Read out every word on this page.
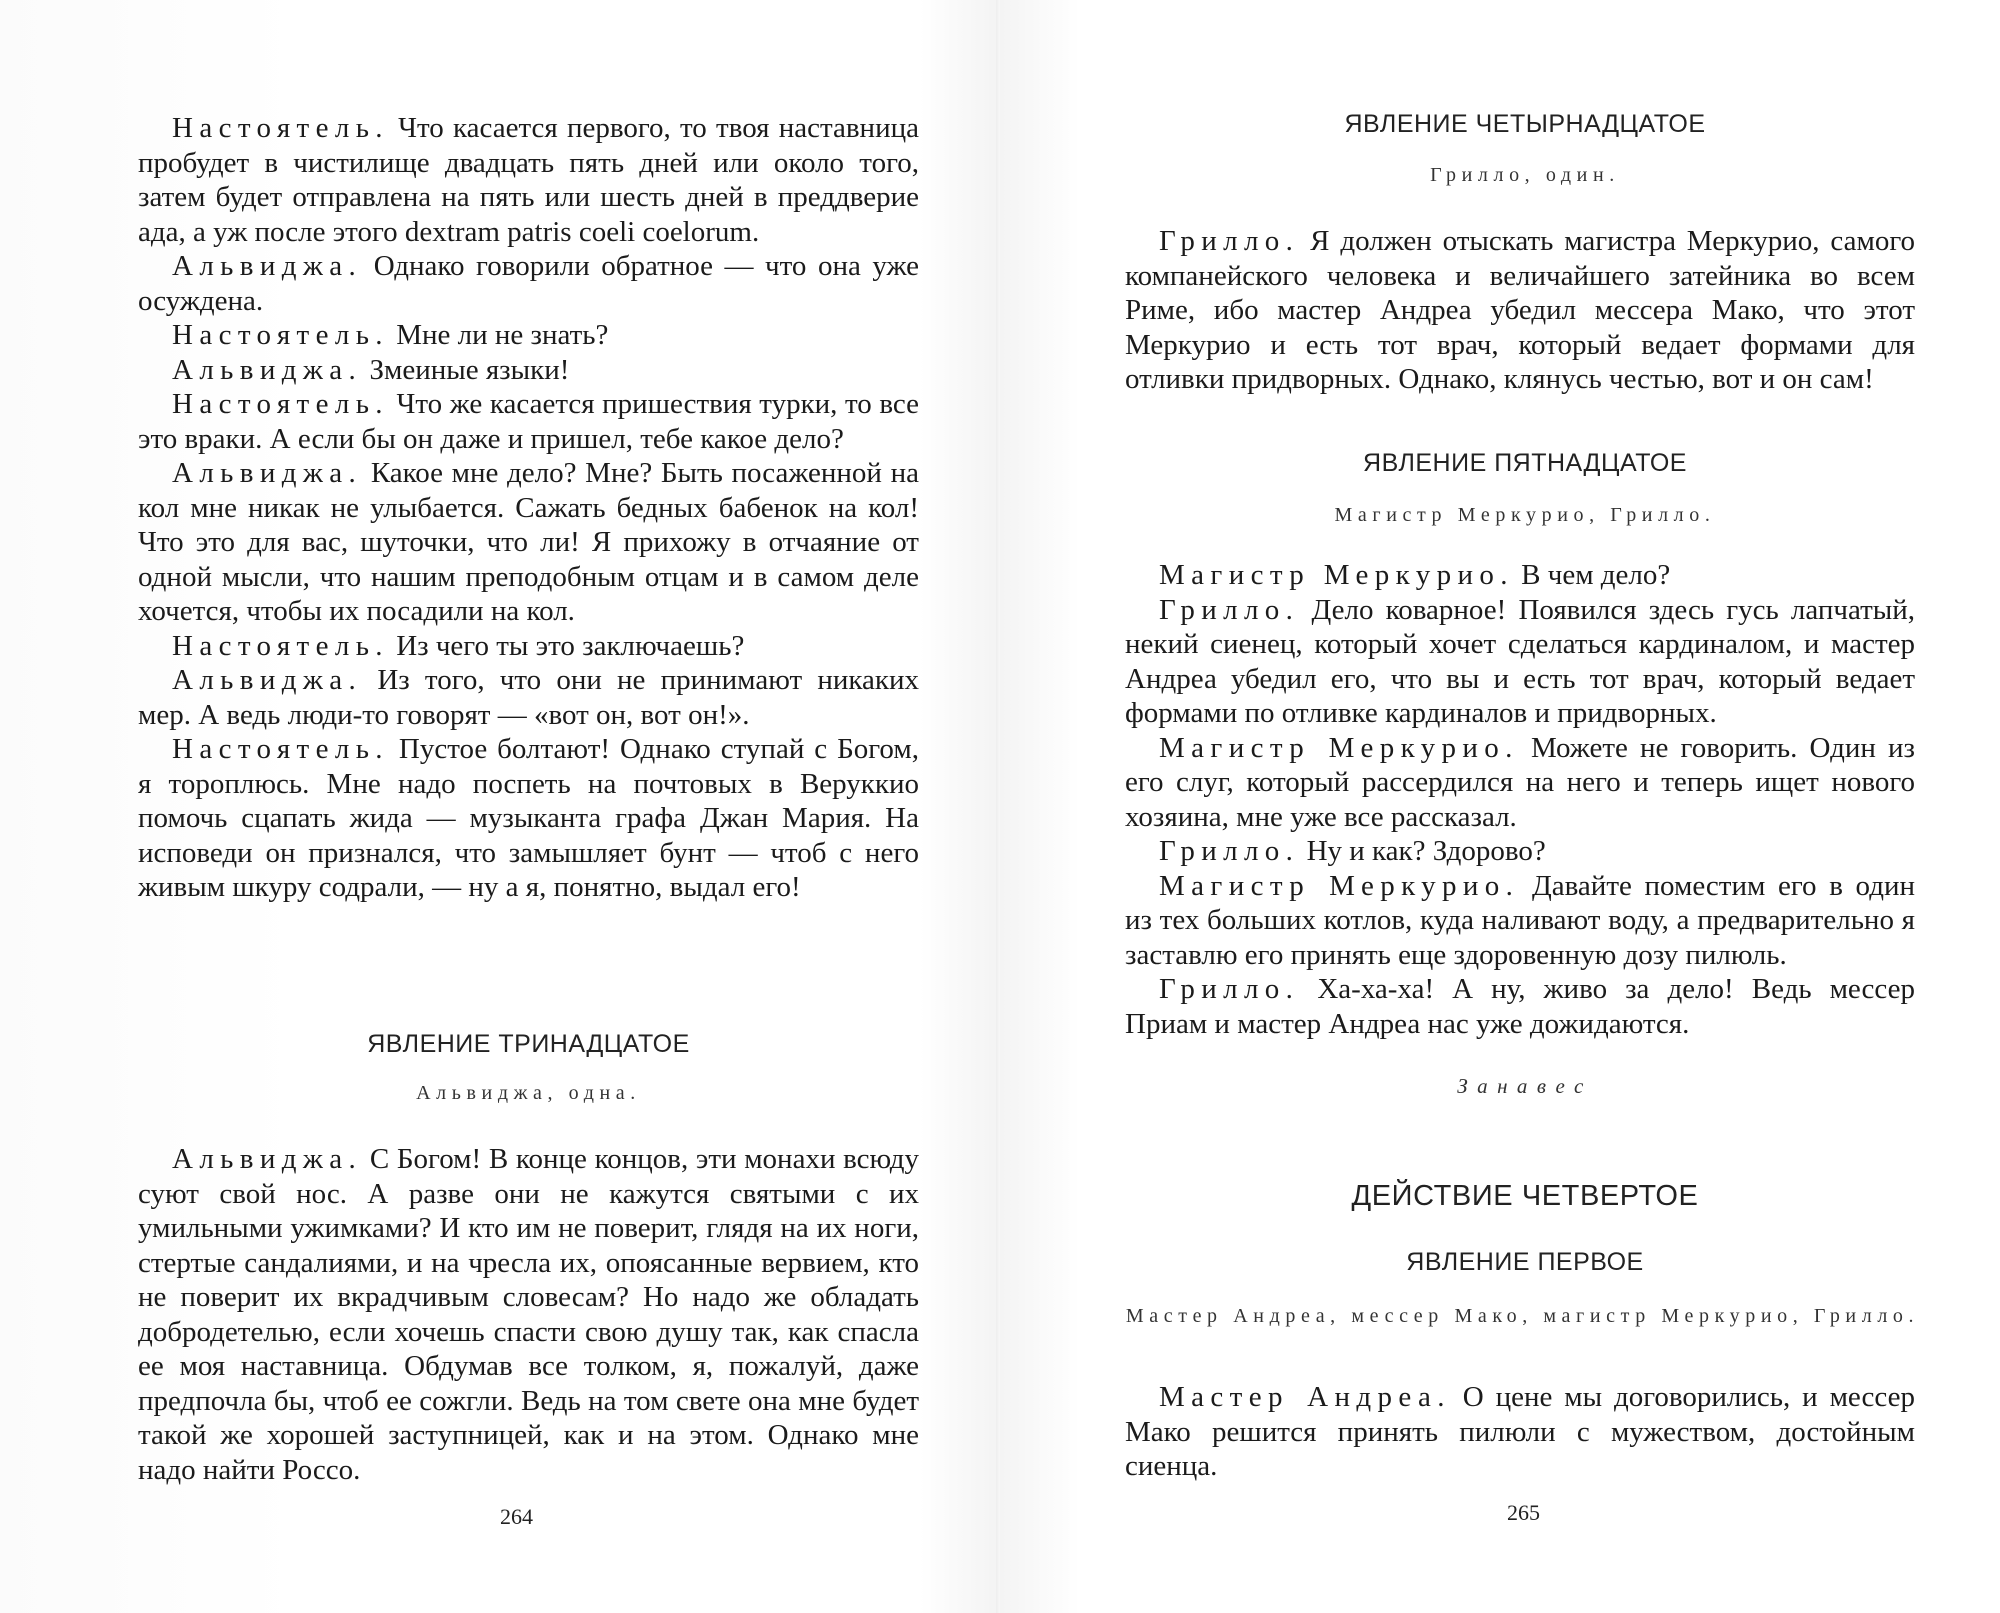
Настоятель. Что касается первого, то твоя наставница пробудет в чистилище двадцать пять дней или около того, затем будет отправлена на пять или шесть дней в преддверие ада, а уж после этого dextram patris coeli coelorum.

Альвиджа. Однако говорили обратное — что она уже осуждена.

Настоятель. Мне ли не знать?

Альвиджа. Змеиные языки!

Настоятель. Что же касается пришествия турки, то все это враки. А если бы он даже и пришел, тебе какое дело?

Альвиджа. Какое мне дело? Мне? Быть посаженной на кол мне никак не улыбается. Сажать бедных бабенок на кол! Что это для вас, шуточки, что ли! Я прихожу в отчаяние от одной мысли, что нашим преподобным отцам и в самом деле хочется, чтобы их посадили на кол.

Настоятель. Из чего ты это заключаешь?

Альвиджа. Из того, что они не принимают никаких мер. А ведь люди-то говорят — «вот он, вот он!».

Настоятель. Пустое болтают! Однако ступай с Богом, я тороплюсь. Мне надо поспеть на почтовых в Веруккио помочь сцапать жида — музыканта графа Джан Мария. На исповеди он признался, что замышляет бунт — чтоб с него живым шкуру содрали, — ну а я, понятно, выдал его!

ЯВЛЕНИЕ ТРИНАДЦАТОЕ
Альвиджа, одна.

Альвиджа. С Богом! В конце концов, эти монахи всюду суют свой нос. А разве они не кажутся святыми с их умильными ужимками? И кто им не поверит, глядя на их ноги, стертые сандалиями, и на чресла их, опоясанные вервием, кто не поверит их вкрадчивым словесам? Но надо же обладать добродетелью, если хочешь спасти свою душу так, как спасла ее моя наставница. Обдумав все толком, я, пожалуй, даже предпочла бы, чтоб ее сожгли. Ведь на том свете она мне будет такой же хорошей заступницей, как и на этом. Однако мне надо найти Россо.

264
ЯВЛЕНИЕ ЧЕТЫРНАДЦАТОЕ
Грилло, один.

Грилло. Я должен отыскать магистра Меркурио, самого компанейского человека и величайшего затейника во всем Риме, ибо мастер Андреа убедил мессера Мако, что этот Меркурио и есть тот врач, который ведает формами для отливки придворных. Однако, клянусь честью, вот и он сам!

ЯВЛЕНИЕ ПЯТНАДЦАТОЕ
Магистр Меркурио, Грилло.

Магистр Меркурио. В чем дело?

Грилло. Дело коварное! Появился здесь гусь лапчатый, некий сиенец, который хочет сделаться кардиналом, и мастер Андреа убедил его, что вы и есть тот врач, который ведает формами по отливке кардиналов и придворных.

Магистр Меркурио. Можете не говорить. Один из его слуг, который рассердился на него и теперь ищет нового хозяина, мне уже все рассказал.

Грилло. Ну и как? Здорово?

Магистр Меркурио. Давайте поместим его в один из тех больших котлов, куда наливают воду, а предварительно я заставлю его принять еще здоровенную дозу пилюль.

Грилло. Ха-ха-ха! А ну, живо за дело! Ведь мессер Приам и мастер Андреа нас уже дожидаются.

Занавес
ДЕЙСТВИЕ ЧЕТВЕРТОЕ
ЯВЛЕНИЕ ПЕРВОЕ
Мастер Андреа, мессер Мако, магистр Меркурио, Грилло.

Мастер Андреа. О цене мы договорились, и мессер Мако решится принять пилюли с мужеством, достойным сиенца.

265
